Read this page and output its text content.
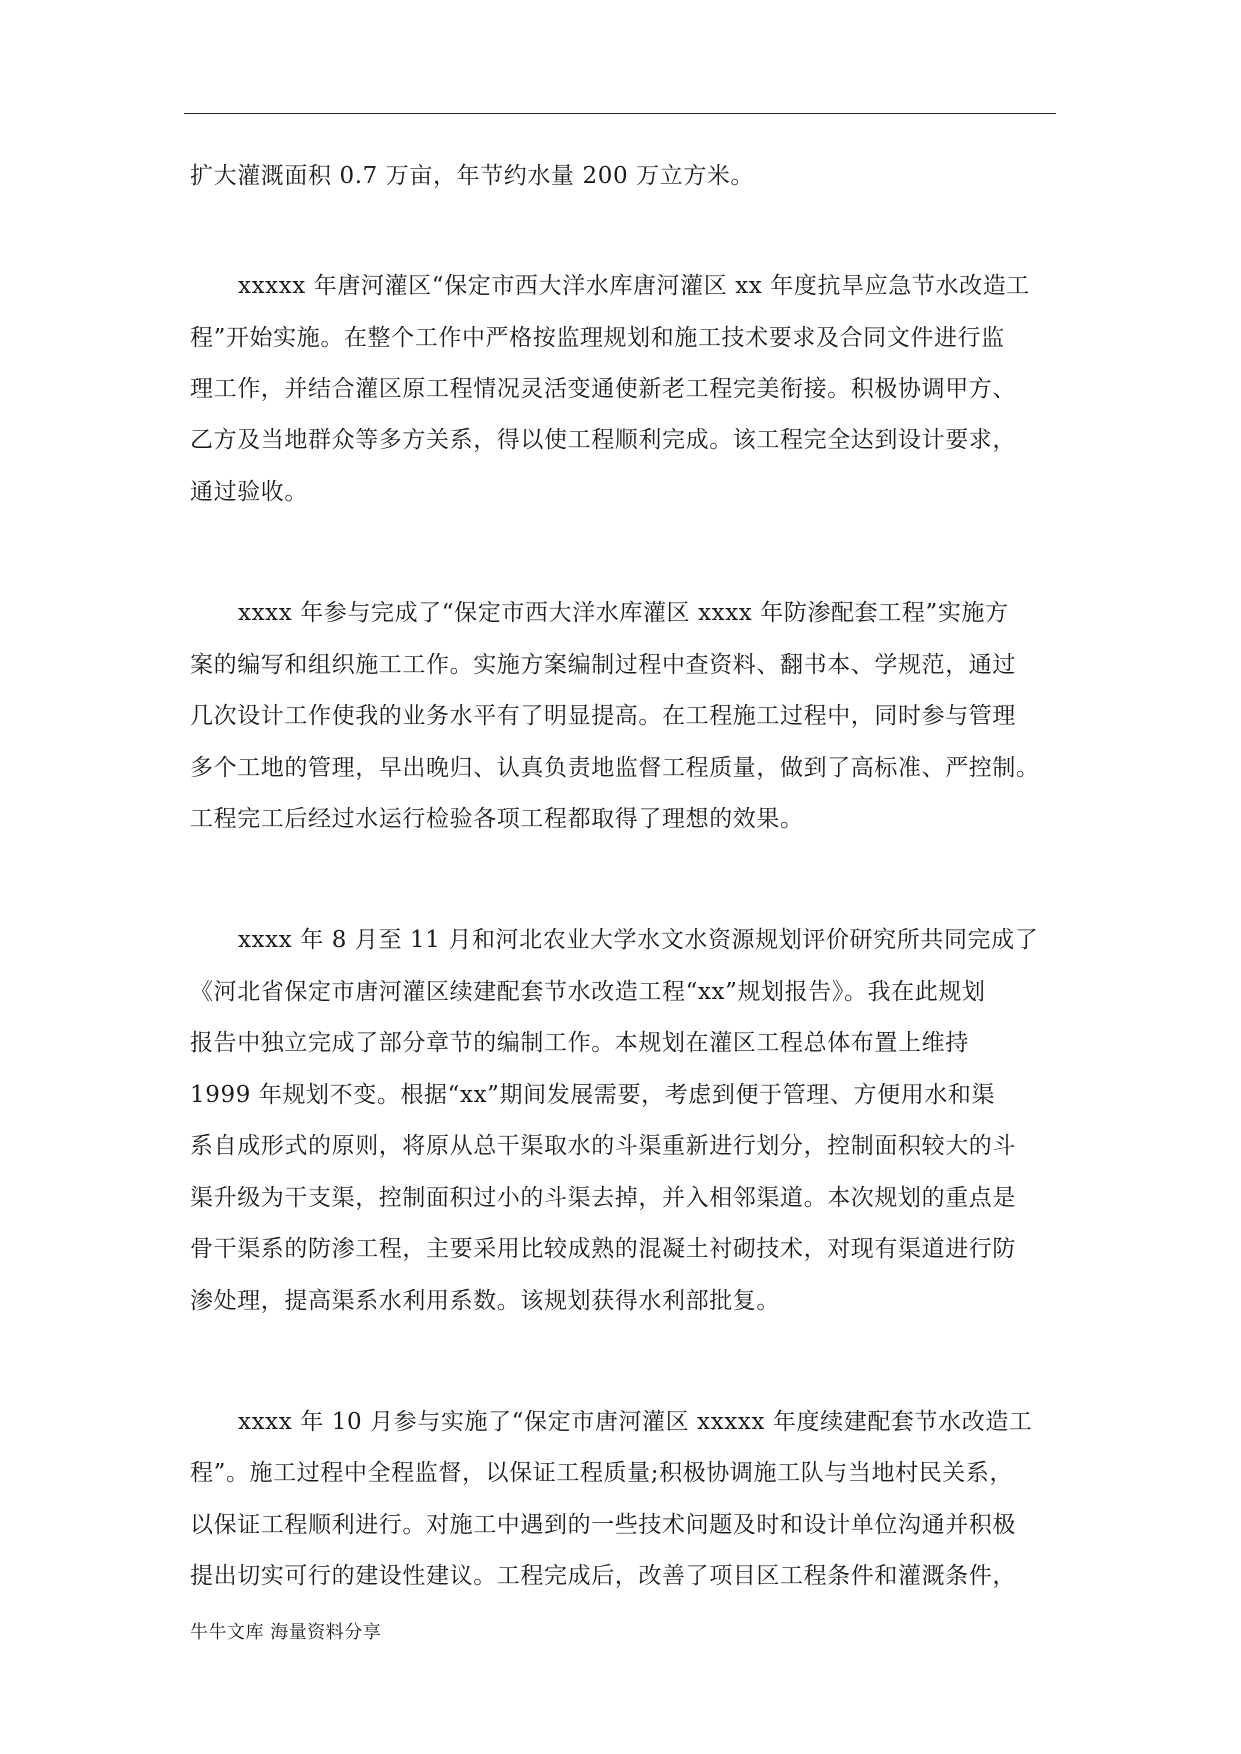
扩大灌溉面积 0.7 万亩，年节约水量 200 万立方米。
xxxxx 年唐河灌区“保定市西大洋水库唐河灌区 xx 年度抗旱应急节水改造工
程”开始实施。在整个工作中严格按监理规划和施工技术要求及合同文件进行监
理工作，并结合灌区原工程情况灵活变通使新老工程完美衔接。积极协调甲方、
乙方及当地群众等多方关系，得以使工程顺利完成。该工程完全达到设计要求，
通过验收。
xxxx 年参与完成了“保定市西大洋水库灌区 xxxx 年防渗配套工程”实施方
案的编写和组织施工工作。实施方案编制过程中查资料、翻书本、学规范，通过
几次设计工作使我的业务水平有了明显提高。在工程施工过程中，同时参与管理
多个工地的管理，早出晚归、认真负责地监督工程质量，做到了高标准、严控制。
工程完工后经过水运行检验各项工程都取得了理想的效果。
xxxx 年 8 月至 11 月和河北农业大学水文水资源规划评价研究所共同完成了
《河北省保定市唐河灌区续建配套节水改造工程“xx”规划报告》。我在此规划
报告中独立完成了部分章节的编制工作。本规划在灌区工程总体布置上维持
1999 年规划不变。根据“xx”期间发展需要，考虑到便于管理、方便用水和渠
系自成形式的原则，将原从总干渠取水的斗渠重新进行划分，控制面积较大的斗
渠升级为干支渠，控制面积过小的斗渠去掉，并入相邻渠道。本次规划的重点是
骨干渠系的防渗工程，主要采用比较成熟的混凝土衬砌技术，对现有渠道进行防
渗处理，提高渠系水利用系数。该规划获得水利部批复。
xxxx 年 10 月参与实施了“保定市唐河灌区 xxxxx 年度续建配套节水改造工
程”。施工过程中全程监督，以保证工程质量;积极协调施工队与当地村民关系，
以保证工程顺利进行。对施工中遇到的一些技术问题及时和设计单位沟通并积极
提出切实可行的建设性建议。工程完成后，改善了项目区工程条件和灌溉条件，
牛牛文库 海量资料分享
